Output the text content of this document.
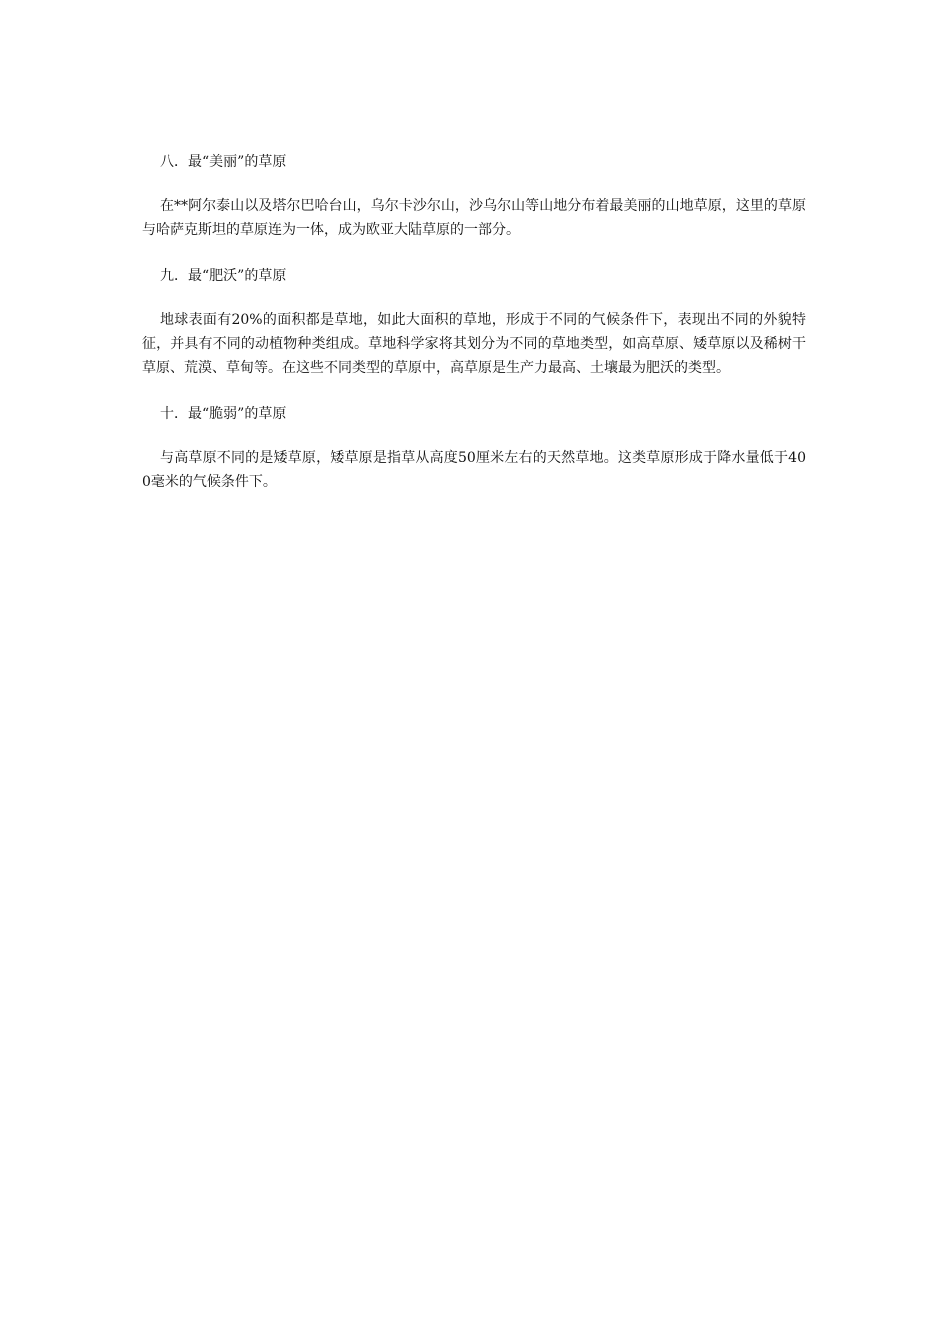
八．最“美丽”的草原

在**阿尔泰山以及塔尔巴哈台山，乌尔卡沙尔山，沙乌尔山等山地分布着最美丽的山地草原，这里的草原与哈萨克斯坦的草原连为一体，成为欧亚大陆草原的一部分。

九．最“肥沃”的草原

地球表面有20%的面积都是草地，如此大面积的草地，形成于不同的气候条件下，表现出不同的外貌特征，并具有不同的动植物种类组成。草地科学家将其划分为不同的草地类型，如高草原、矮草原以及稀树干草原、荒漠、草甸等。在这些不同类型的草原中，高草原是生产力最高、土壤最为肥沃的类型。

十．最“脆弱”的草原

与高草原不同的是矮草原，矮草原是指草从高度50厘米左右的天然草地。这类草原形成于降水量低于400毫米的气候条件下。
